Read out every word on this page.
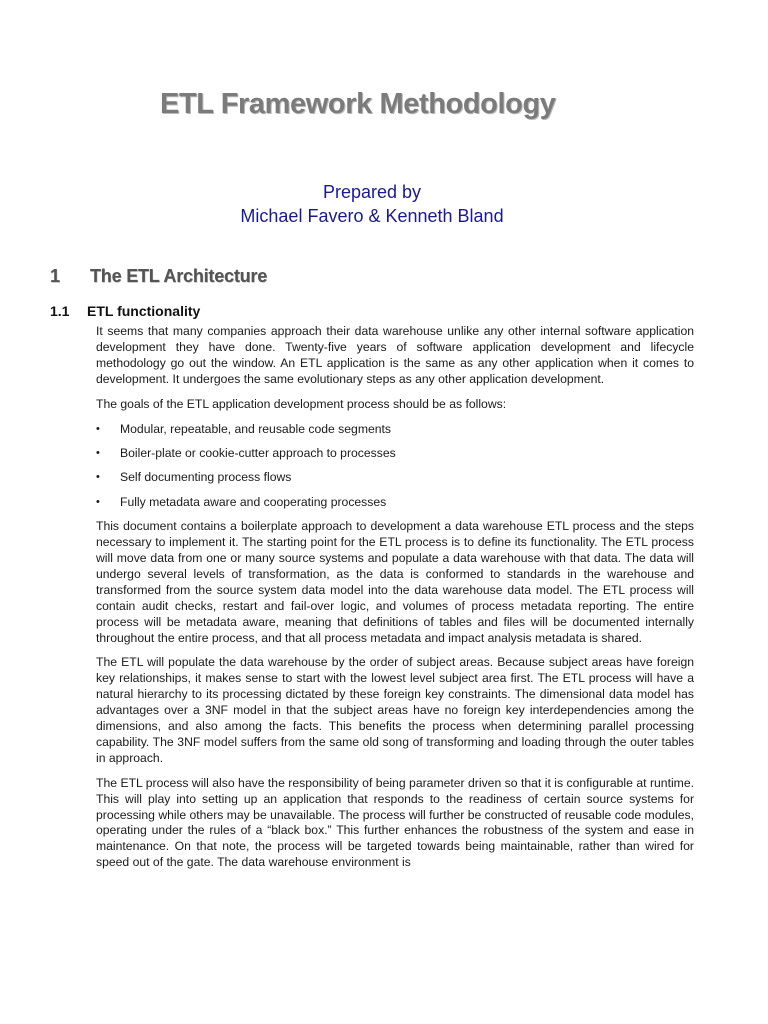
ETL Framework Methodology
Prepared by
Michael Favero & Kenneth Bland
1 The ETL Architecture
1.1 ETL functionality

It seems that many companies approach their data warehouse unlike any other internal software application development they have done. Twenty-five years of software application development and lifecycle methodology go out the window. An ETL application is the same as any other application when it comes to development. It undergoes the same evolutionary steps as any other application development.

The goals of the ETL application development process should be as follows:

• Modular, repeatable, and reusable code segments
• Boiler-plate or cookie-cutter approach to processes
• Self documenting process flows
• Fully metadata aware and cooperating processes

This document contains a boilerplate approach to development a data warehouse ETL process and the steps necessary to implement it. The starting point for the ETL process is to define its functionality. The ETL process will move data from one or many source systems and populate a data warehouse with that data. The data will undergo several levels of transformation, as the data is conformed to standards in the warehouse and transformed from the source system data model into the data warehouse data model. The ETL process will contain audit checks, restart and fail-over logic, and volumes of process metadata reporting. The entire process will be metadata aware, meaning that definitions of tables and files will be documented internally throughout the entire process, and that all process metadata and impact analysis metadata is shared.

The ETL will populate the data warehouse by the order of subject areas. Because subject areas have foreign key relationships, it makes sense to start with the lowest level subject area first. The ETL process will have a natural hierarchy to its processing dictated by these foreign key constraints. The dimensional data model has advantages over a 3NF model in that the subject areas have no foreign key interdependencies among the dimensions, and also among the facts. This benefits the process when determining parallel processing capability. The 3NF model suffers from the same old song of transforming and loading through the outer tables in approach.

The ETL process will also have the responsibility of being parameter driven so that it is configurable at runtime. This will play into setting up an application that responds to the readiness of certain source systems for processing while others may be unavailable. The process will further be constructed of reusable code modules, operating under the rules of a “black box.” This further enhances the robustness of the system and ease in maintenance. On that note, the process will be targeted towards being maintainable, rather than wired for speed out of the gate. The data warehouse environment is
